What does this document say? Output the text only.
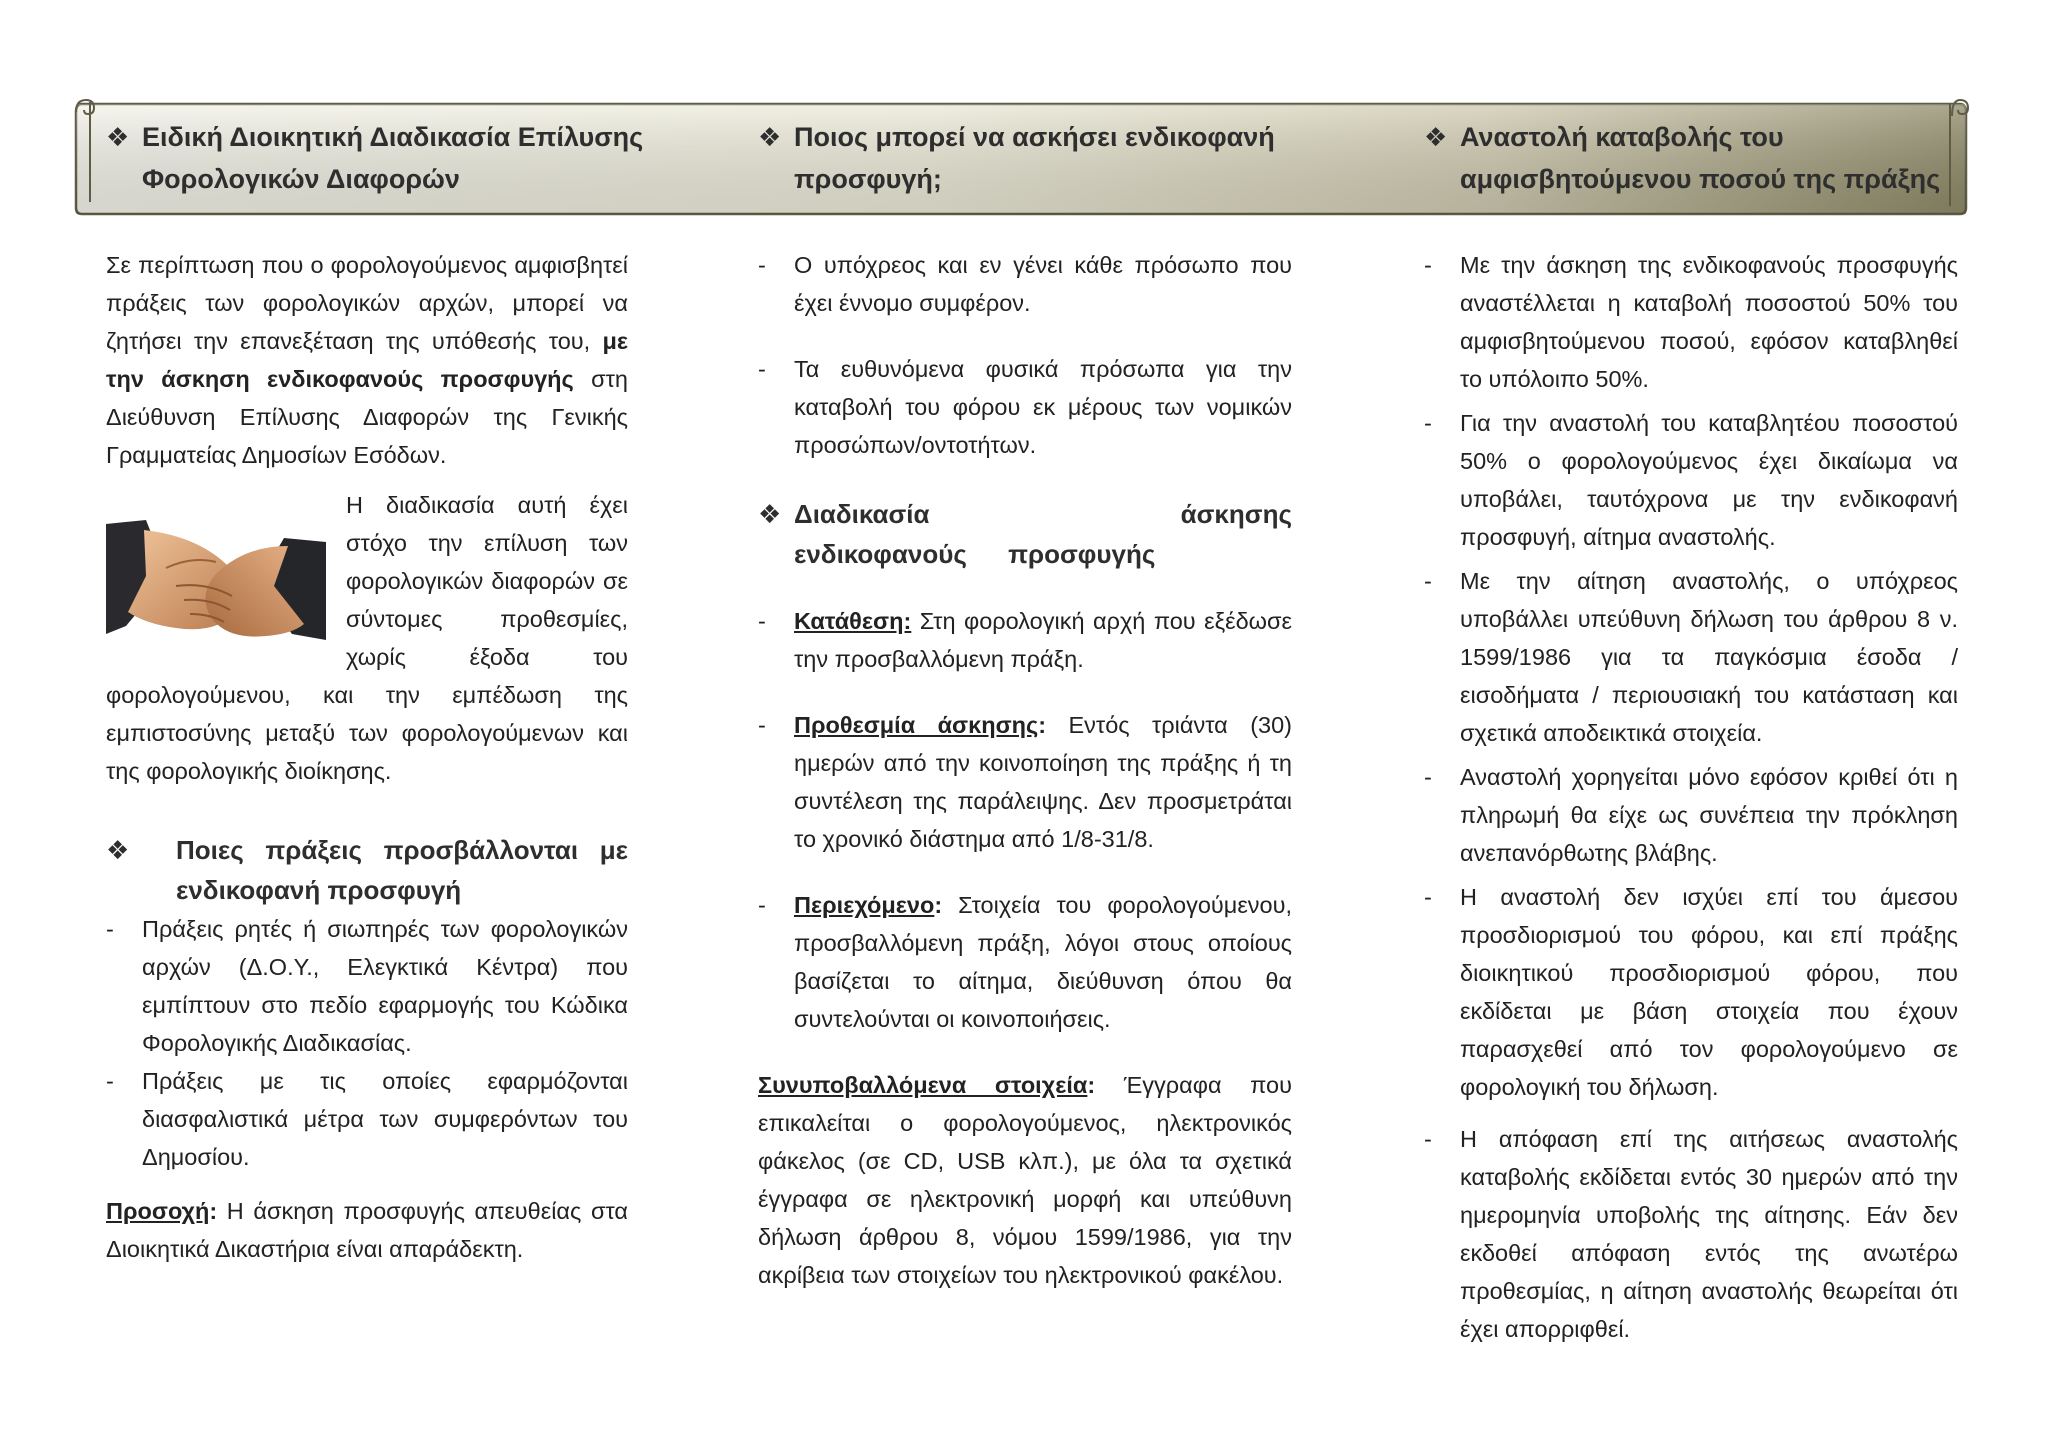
❖ Ειδική Διοικητική Διαδικασία Επίλυσης Φορολογικών Διαφορών
❖ Ποιος μπορεί να ασκήσει ενδικοφανή προσφυγή;
❖ Αναστολή καταβολής του αμφισβητούμενου ποσού της πράξης

Σε περίπτωση που ο φορολογούμενος αμφισβητεί πράξεις των φορολογικών αρχών, μπορεί να ζητήσει την επανεξέταση της υπόθεσής του, με την άσκηση ενδικοφανούς προσφυγής στη Διεύθυνση Επίλυσης Διαφορών της Γενικής Γραμματείας Δημοσίων Εσόδων.

Η διαδικασία αυτή έχει στόχο την επίλυση των φορολογικών διαφορών σε σύντομες προθεσμίες, χωρίς έξοδα του φορολογούμενου, και την εμπέδωση της εμπιστοσύνης μεταξύ των φορολογούμενων και της φορολογικής διοίκησης.

❖	Ποιες πράξεις προσβάλλονται με ενδικοφανή προσφυγή
- Πράξεις ρητές ή σιωπηρές των φορολογικών αρχών (Δ.Ο.Υ., Ελεγκτικά Κέντρα) που εμπίπτουν στο πεδίο εφαρμογής του Κώδικα Φορολογικής Διαδικασίας.
- Πράξεις με τις οποίες εφαρμόζονται διασφαλιστικά μέτρα των συμφερόντων του Δημοσίου.

Προσοχή: Η άσκηση προσφυγής απευθείας στα Διοικητικά Δικαστήρια είναι απαράδεκτη.

- Ο υπόχρεος και εν γένει κάθε πρόσωπο που έχει έννομο συμφέρον.
- Τα ευθυνόμενα φυσικά πρόσωπα για την καταβολή του φόρου εκ μέρους των νομικών προσώπων/οντοτήτων.
❖ Διαδικασία άσκησης ενδικοφανούς προσφυγής
- Κατάθεση: Στη φορολογική αρχή που εξέδωσε την προσβαλλόμενη πράξη.
- Προθεσμία άσκησης: Εντός τριάντα (30) ημερών από την κοινοποίηση της πράξης ή τη συντέλεση της παράλειψης. Δεν προσμετράται το χρονικό διάστημα από 1/8-31/8.
- Περιεχόμενο: Στοιχεία του φορολογούμενου, προσβαλλόμενη πράξη, λόγοι στους οποίους βασίζεται το αίτημα, διεύθυνση όπου θα συντελούνται οι κοινοποιήσεις.

Συνυποβαλλόμενα στοιχεία: Έγγραφα που επικαλείται ο φορολογούμενος, ηλεκτρονικός φάκελος (σε CD, USB κλπ.), με όλα τα σχετικά έγγραφα σε ηλεκτρονική μορφή και υπεύθυνη δήλωση άρθρου 8, νόμου 1599/1986, για την ακρίβεια των στοιχείων του ηλεκτρονικού φακέλου.

- Με την άσκηση της ενδικοφανούς προσφυγής αναστέλλεται η καταβολή ποσοστού 50% του αμφισβητούμενου ποσού, εφόσον καταβληθεί το υπόλοιπο 50%.
- Για την αναστολή του καταβλητέου ποσοστού 50% ο φορολογούμενος έχει δικαίωμα να υποβάλει, ταυτόχρονα με την ενδικοφανή προσφυγή, αίτημα αναστολής.
- Με την αίτηση αναστολής, ο υπόχρεος υποβάλλει υπεύθυνη δήλωση του άρθρου 8 ν. 1599/1986 για τα παγκόσμια έσοδα / εισοδήματα / περιουσιακή του κατάσταση και σχετικά αποδεικτικά στοιχεία.
- Αναστολή χορηγείται μόνο εφόσον κριθεί ότι η πληρωμή θα είχε ως συνέπεια την πρόκληση ανεπανόρθωτης βλάβης.
- Η αναστολή δεν ισχύει επί του άμεσου προσδιορισμού του φόρου, και επί πράξης διοικητικού προσδιορισμού φόρου, που εκδίδεται με βάση στοιχεία που έχουν παρασχεθεί από τον φορολογούμενο σε φορολογική του δήλωση.
- Η απόφαση επί της αιτήσεως αναστολής καταβολής εκδίδεται εντός 30 ημερών από την ημερομηνία υποβολής της αίτησης. Εάν δεν εκδοθεί απόφαση εντός της ανωτέρω προθεσμίας, η αίτηση αναστολής θεωρείται ότι έχει απορριφθεί.
